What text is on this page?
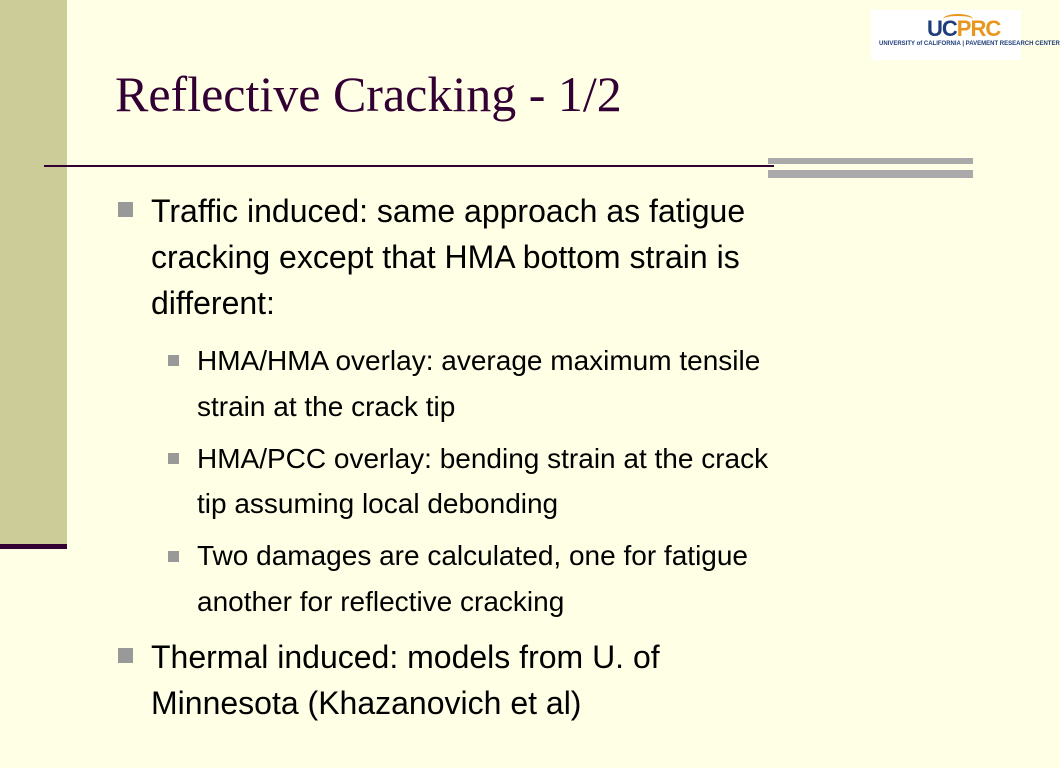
UCPRC
UNIVERSITY of CALIFORNIA | PAVEMENT RESEARCH CENTER
Reflective Cracking - 1/2
Traffic induced: same approach as fatigue
cracking except that HMA bottom strain is
different:
HMA/HMA overlay: average maximum tensile
strain at the crack tip
HMA/PCC overlay: bending strain at the crack
tip assuming local debonding
Two damages are calculated, one for fatigue
another for reflective cracking
Thermal induced: models from U. of
Minnesota (Khazanovich et al)
